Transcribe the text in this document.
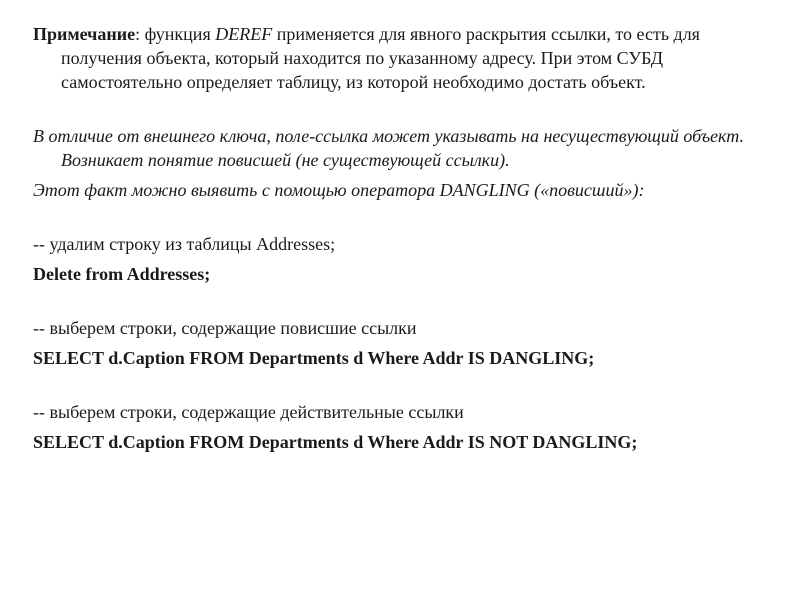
Примечание: функция DEREF применяется для явного раскрытия ссылки, то есть для получения объекта, который находится по указанному адресу. При этом СУБД самостоятельно определяет таблицу, из которой необходимо достать объект.

В отличие от внешнего ключа, поле-ссылка может указывать на несуществующий объект. Возникает понятие повисшей (не существующей ссылки).

Этот факт можно выявить с помощью оператора DANGLING («повисший»):

-- удалим строку из таблицы Addresses;

Delete from Addresses;

-- выберем строки, содержащие повисшие ссылки

SELECT d.Caption FROM Departments d Where Addr IS DANGLING;

-- выберем строки, содержащие действительные ссылки

SELECT d.Caption FROM Departments d Where Addr IS NOT DANGLING;
